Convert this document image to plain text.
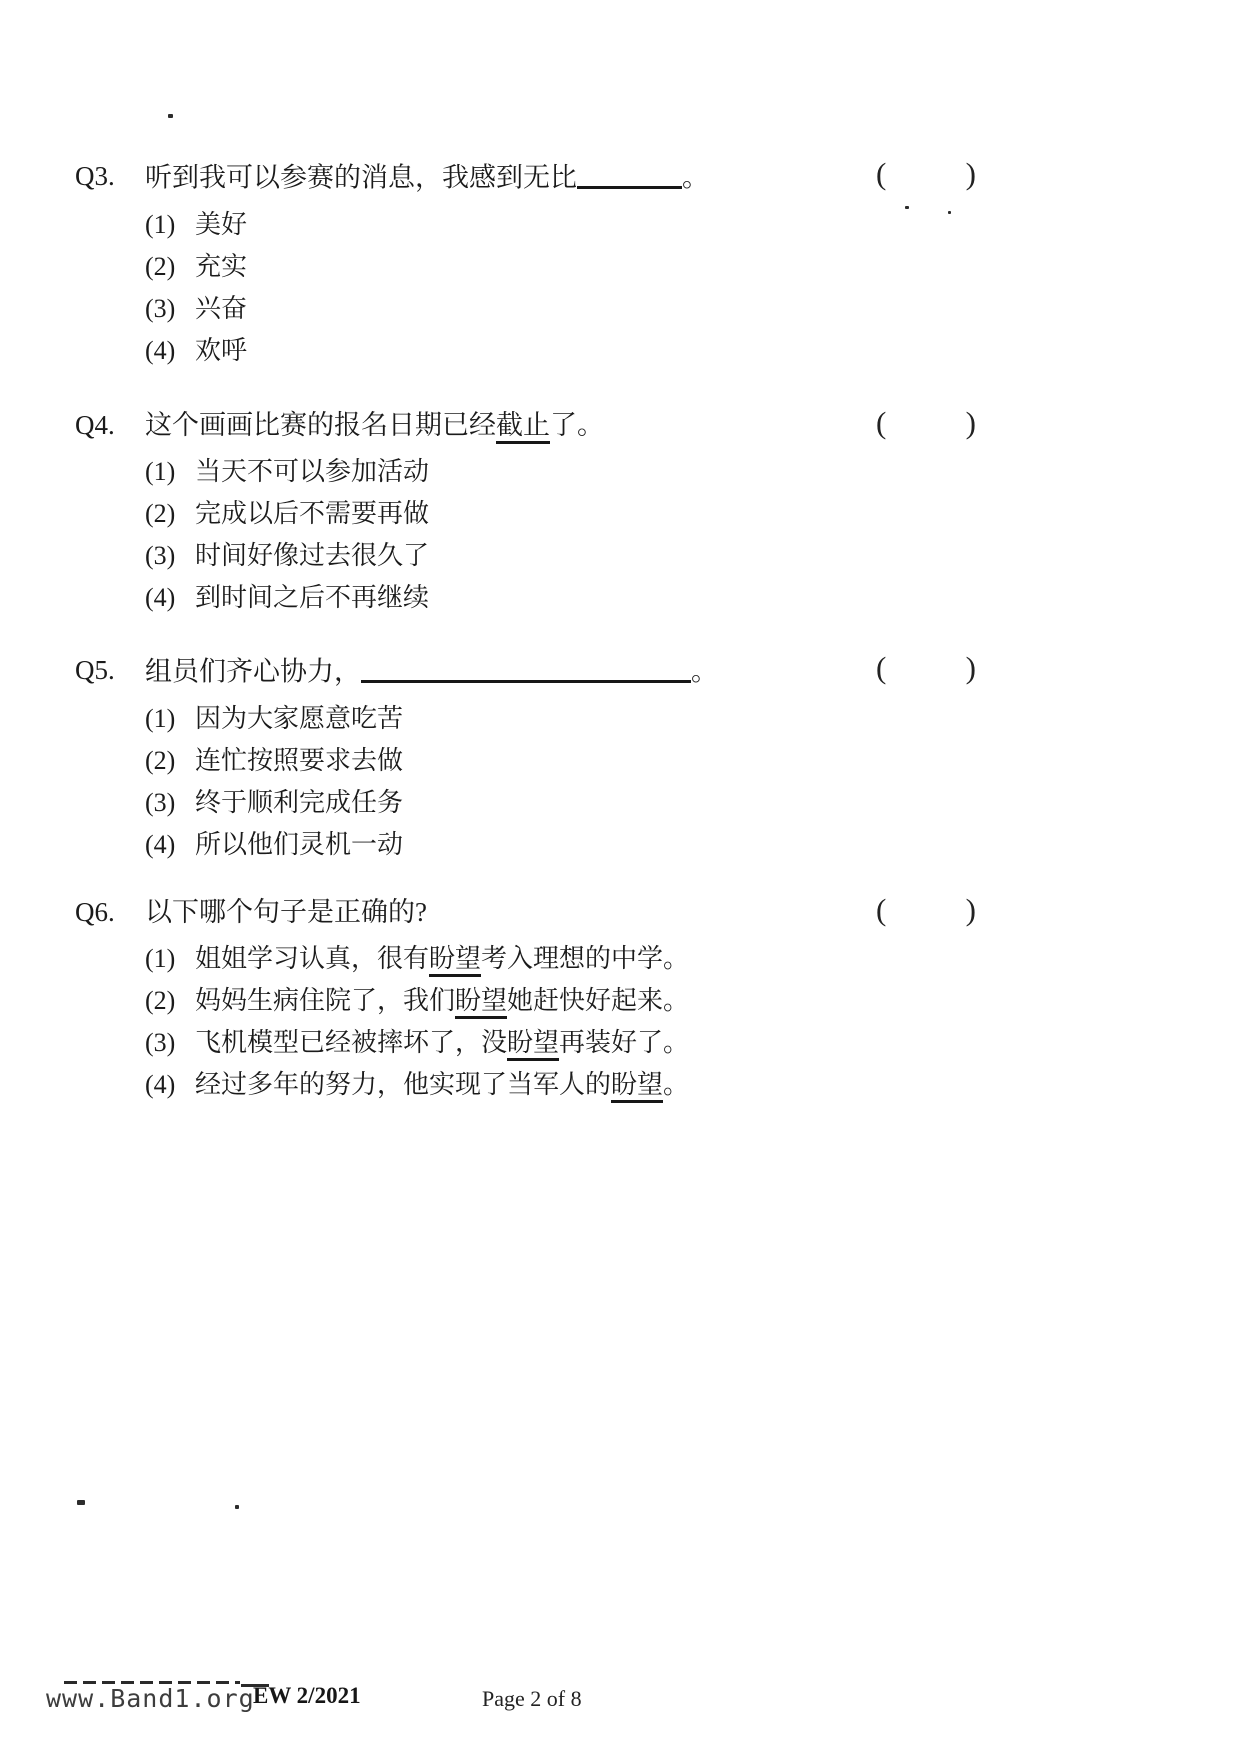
Q3.	听到我可以参赛的消息，我感到无比	。	(	)
(1) 美好
(2) 充实
(3) 兴奋
(4) 欢呼
Q4.	这个画画比赛的报名日期已经截止了。	(	)
(1) 当天不可以参加活动
(2) 完成以后不需要再做
(3) 时间好像过去很久了
(4) 到时间之后不再继续
Q5.	组员们齐心协力，	。	(	)
(1) 因为大家愿意吃苦
(2) 连忙按照要求去做
(3) 终于顺利完成任务
(4) 所以他们灵机一动
Q6.	以下哪个句子是正确的?	(	)
(1) 姐姐学习认真，很有盼望考入理想的中学。
(2) 妈妈生病住院了，我们盼望她赶快好起来。
(3) 飞机模型已经被摔坏了，没盼望再装好了。
(4) 经过多年的努力，他实现了当军人的盼望。
www.Band1.org
EW 2/2021	Page 2 of 8
